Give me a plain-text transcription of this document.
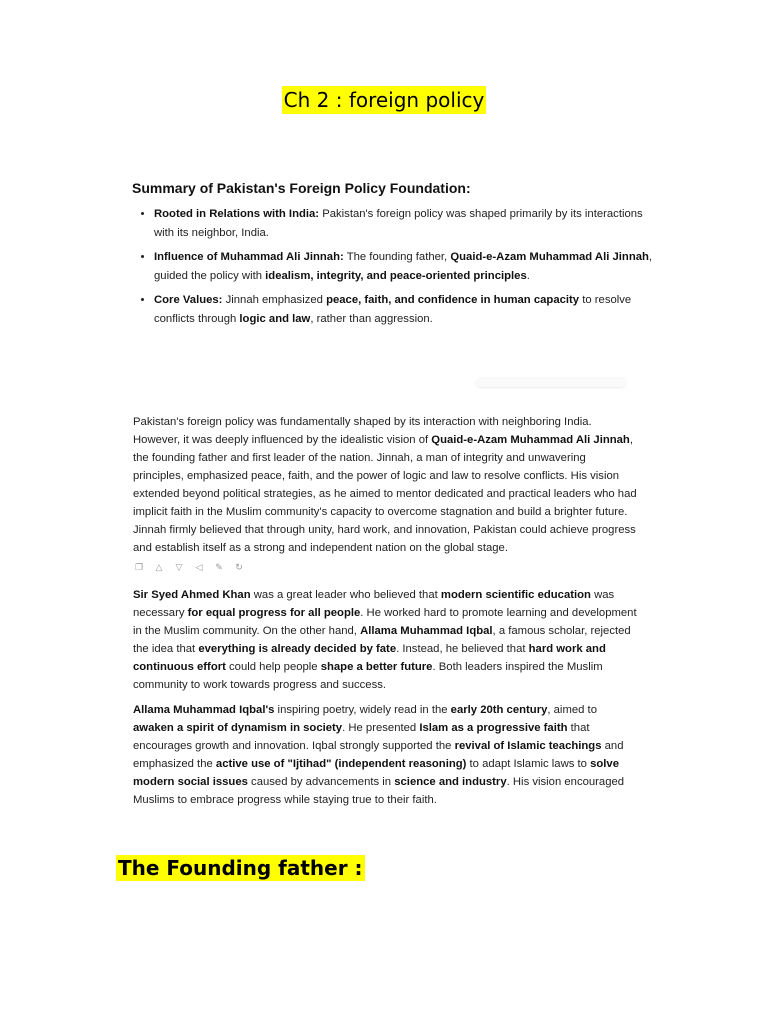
Ch 2 : foreign policy
Summary of Pakistan's Foreign Policy Foundation:
• Rooted in Relations with India: Pakistan's foreign policy was shaped primarily by its interactions with its neighbor, India.
• Influence of Muhammad Ali Jinnah: The founding father, Quaid-e-Azam Muhammad Ali Jinnah, guided the policy with idealism, integrity, and peace-oriented principles.
• Core Values: Jinnah emphasized peace, faith, and confidence in human capacity to resolve conflicts through logic and law, rather than aggression.

Pakistan's foreign policy was fundamentally shaped by its interaction with neighboring India. However, it was deeply influenced by the idealistic vision of Quaid-e-Azam Muhammad Ali Jinnah, the founding father and first leader of the nation. Jinnah, a man of integrity and unwavering principles, emphasized peace, faith, and the power of logic and law to resolve conflicts. His vision extended beyond political strategies, as he aimed to mentor dedicated and practical leaders who had implicit faith in the Muslim community's capacity to overcome stagnation and build a brighter future. Jinnah firmly believed that through unity, hard work, and innovation, Pakistan could achieve progress and establish itself as a strong and independent nation on the global stage.

❐ △ ▽ ◁ ✎ ↻

Sir Syed Ahmed Khan was a great leader who believed that modern scientific education was necessary for equal progress for all people. He worked hard to promote learning and development in the Muslim community. On the other hand, Allama Muhammad Iqbal, a famous scholar, rejected the idea that everything is already decided by fate. Instead, he believed that hard work and continuous effort could help people shape a better future. Both leaders inspired the Muslim community to work towards progress and success.

Allama Muhammad Iqbal's inspiring poetry, widely read in the early 20th century, aimed to awaken a spirit of dynamism in society. He presented Islam as a progressive faith that encourages growth and innovation. Iqbal strongly supported the revival of Islamic teachings and emphasized the active use of "Ijtihad" (independent reasoning) to adapt Islamic laws to solve modern social issues caused by advancements in science and industry. His vision encouraged Muslims to embrace progress while staying true to their faith.

The Founding father :
